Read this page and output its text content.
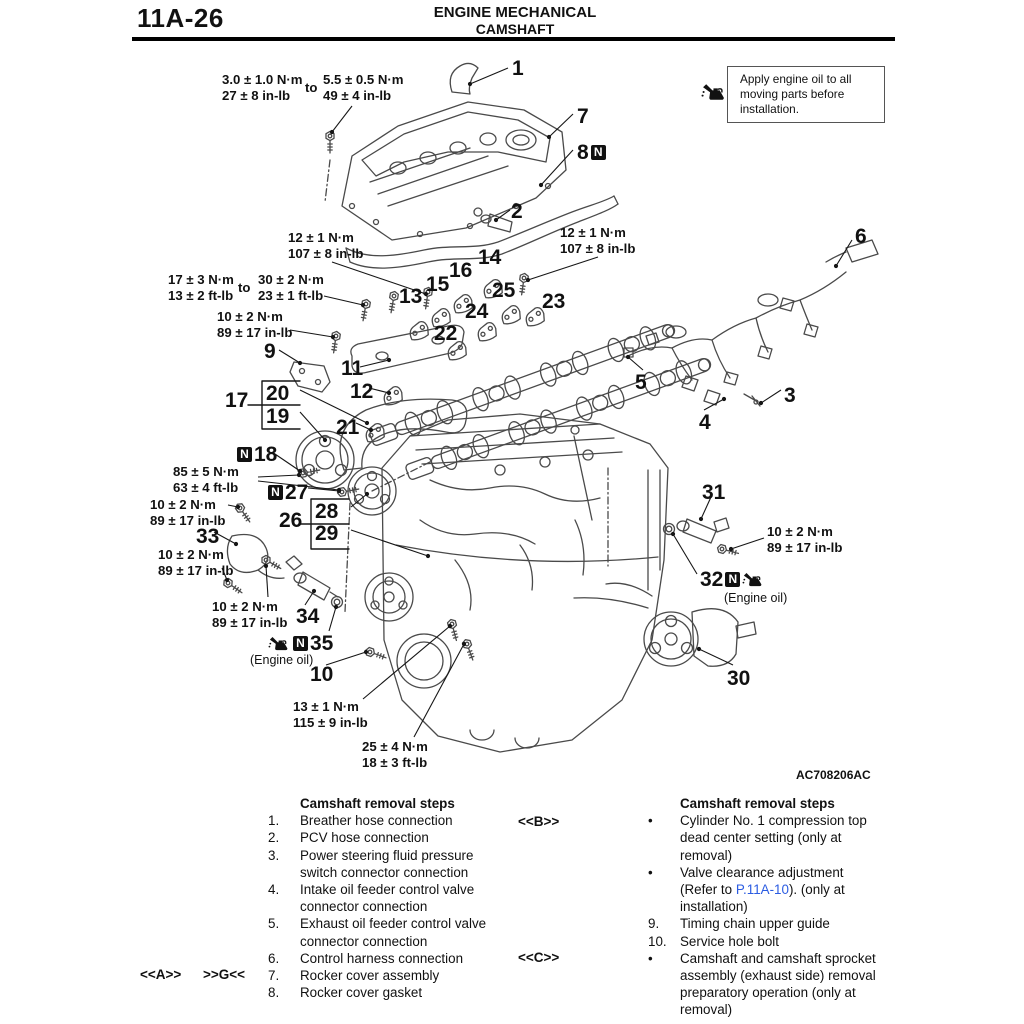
11A-26	ENGINE MECHANICAL
CAMSHAFT
1
7
8 N
2
6
13
15
16
14
25
24
22
23
9
11
12
17 20
19 21
N 18
N 27
26 28
29
33
34
N 35
10
31
32 N
30
5
4
3
3.0 ± 1.0 N·m
27 ± 8 in-lb	to
5.5 ± 0.5 N·m
49 ± 4 in-lb
12 ± 1 N·m
107 ± 8 in-lb
12 ± 1 N·m
107 ± 8 in-lb
17 ± 3 N·m
13 ± 2 ft-lb to
30 ± 2 N·m
23 ± 1 ft-lb
10 ± 2 N·m
89 ± 17 in-lb
85 ± 5 N·m
63 ± 4 ft-lb
10 ± 2 N·m
89 ± 17 in-lb
10 ± 2 N·m
89 ± 17 in-lb
10 ± 2 N·m
89 ± 17 in-lb
13 ± 1 N·m
115 ± 9 in-lb
25 ± 4 N·m
18 ± 3 ft-lb
10 ± 2 N·m
89 ± 17 in-lb
(Engine oil)
(Engine oil)
<<B>>
<<C>>
<<A>> >>G<<
Apply engine oil to all moving parts before installation.
AC708206AC
Camshaft removal steps
1.	Breather hose connection
2.	PCV hose connection
3.	Power steering fluid pressure
switch connector connection
4.	Intake oil feeder control valve
connector connection
5.	Exhaust oil feeder control valve
connector connection
6.	Control harness connection
7.	Rocker cover assembly
8.	Rocker cover gasket
Camshaft removal steps
•	Cylinder No. 1 compression top
dead center setting (only at
removal)
•	Valve clearance adjustment
(Refer to P.11A-10). (only at
installation)
9.	Timing chain upper guide
10. Service hole bolt
•	Camshaft and camshaft sprocket
assembly (exhaust side) removal
preparatory operation (only at
removal)
